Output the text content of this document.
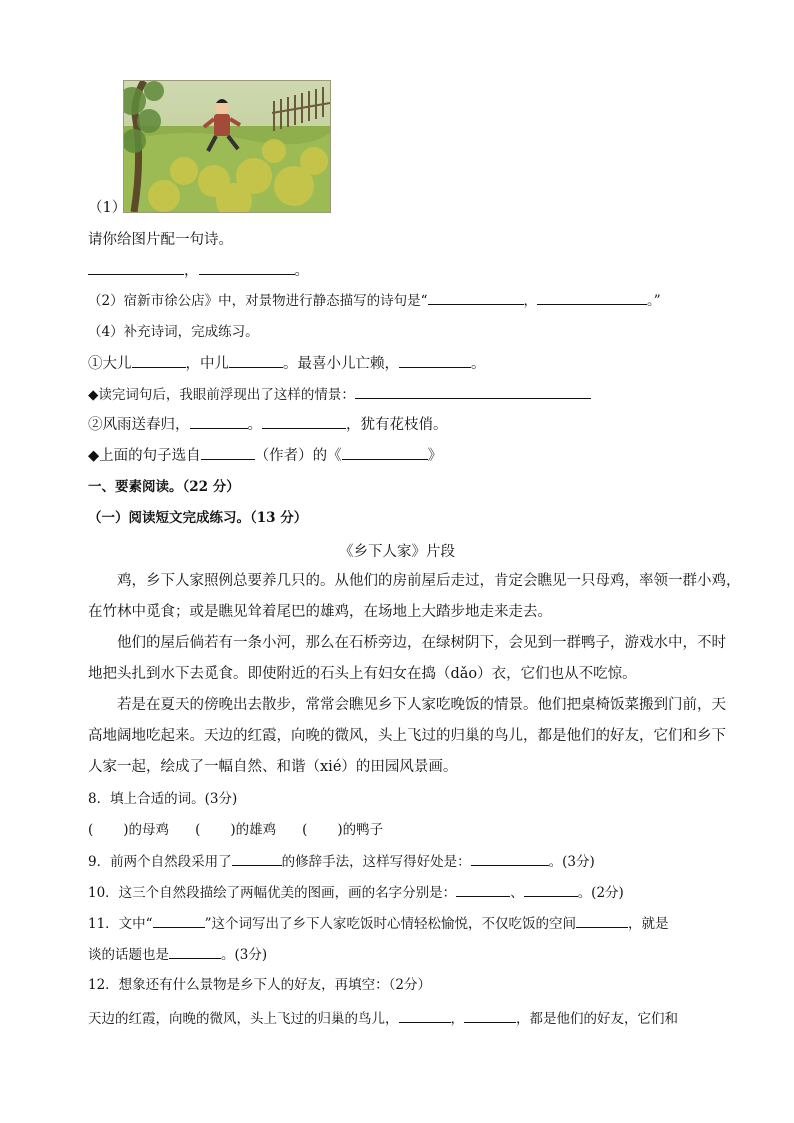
（1）
请你给图片配一句诗。
，	。
（2）宿新市徐公店》中，对景物进行静态描写的诗句是“	，	。”
（4）补充诗词，完成练习。
①大儿	，中儿	。最喜小儿亡赖，	。
◆读完词句后，我眼前浮现出了这样的情景：
②风雨送春归，	。	，犹有花枝俏。
◆上面的句子选自	（作者）的《	》
一、要素阅读。（22 分）
（一）阅读短文完成练习。（13 分）
《乡下人家》片段
鸡，乡下人家照例总要养几只的。从他们的房前屋后走过，肯定会瞧见一只母鸡，率领一群小鸡，
在竹林中觅食；或是瞧见耸着尾巴的雄鸡，在场地上大踏步地走来走去。
他们的屋后倘若有一条小河，那么在石桥旁边，在绿树阴下，会见到一群鸭子，游戏水中，不时
地把头扎到水下去觅食。即使附近的石头上有妇女在捣（dǎo）衣，它们也从不吃惊。
若是在夏天的傍晚出去散步，常常会瞧见乡下人家吃晚饭的情景。他们把桌椅饭菜搬到门前，天
高地阔地吃起来。天边的红霞，向晚的微风，头上飞过的归巢的鸟儿，都是他们的好友，它们和乡下
人家一起，绘成了一幅自然、和谐（xié）的田园风景画。
8．填上合适的词。(3分)
( )的母鸡 ( )的雄鸡 ( )的鸭子
9．前两个自然段采用了	的修辞手法，这样写得好处是：	。(3分)
10．这三个自然段描绘了两幅优美的图画，画的名字分别是：	、	。(2分)
11．文中“	”这个词写出了乡下人家吃饭时心情轻松愉悦，不仅吃饭的空间	，就是
谈的话题也是	。(3分)
12．想象还有什么景物是乡下人的好友，再填空：（2分）
天边的红霞，向晚的微风，头上飞过的归巢的鸟儿，	，	，都是他们的好友，它们和
